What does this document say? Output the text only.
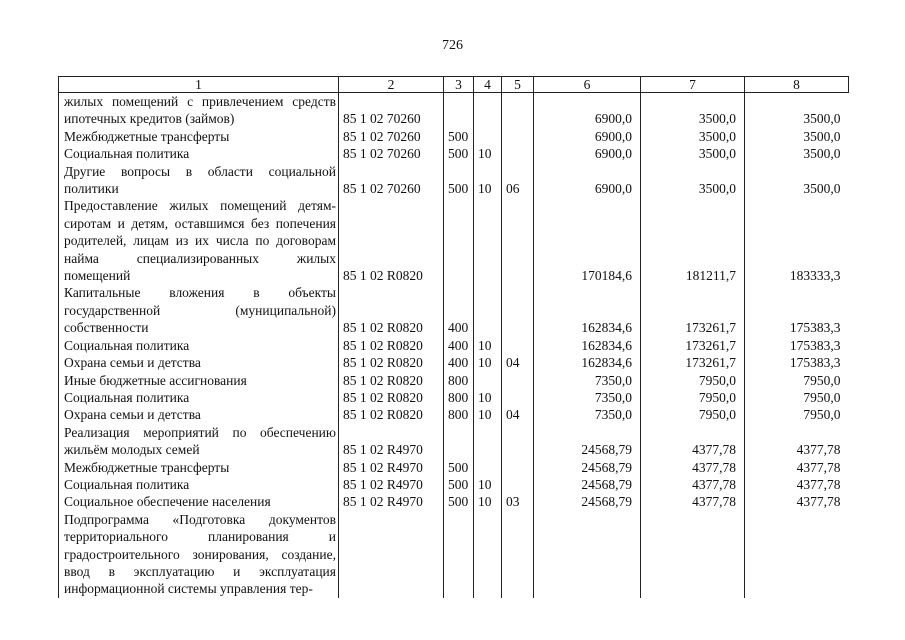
726
1	2	3	4	5	6	7	8
жилых помещений с привлечением средств ипотечных кредитов (займов)	85 1 02 70260				6900,0	3500,0	3500,0
Межбюджетные трансферты	85 1 02 70260	500			6900,0	3500,0	3500,0
Социальная политика	85 1 02 70260	500	10		6900,0	3500,0	3500,0
Другие вопросы в области социальной политики	85 1 02 70260	500	10	06	6900,0	3500,0	3500,0
Предоставление жилых помещений детям-сиротам и детям, оставшимся без попечения родителей, лицам из их числа по договорам найма специализированных жилых помещений	85 1 02 R0820				170184,6	181211,7	183333,3
Капитальные вложения в объекты государственной (муниципальной) собственности	85 1 02 R0820	400			162834,6	173261,7	175383,3
Социальная политика	85 1 02 R0820	400	10		162834,6	173261,7	175383,3
Охрана семьи и детства	85 1 02 R0820	400	10	04	162834,6	173261,7	175383,3
Иные бюджетные ассигнования	85 1 02 R0820	800			7350,0	7950,0	7950,0
Социальная политика	85 1 02 R0820	800	10		7350,0	7950,0	7950,0
Охрана семьи и детства	85 1 02 R0820	800	10	04	7350,0	7950,0	7950,0
Реализация мероприятий по обеспечению жильём молодых семей	85 1 02 R4970				24568,79	4377,78	4377,78
Межбюджетные трансферты	85 1 02 R4970	500			24568,79	4377,78	4377,78
Социальная политика	85 1 02 R4970	500	10		24568,79	4377,78	4377,78
Социальное обеспечение населения	85 1 02 R4970	500	10	03	24568,79	4377,78	4377,78
Подпрограмма «Подготовка документов территориального планирования и градостроительного зонирования, создание, ввод в эксплуатацию и эксплуатация информационной системы управления тер-							
